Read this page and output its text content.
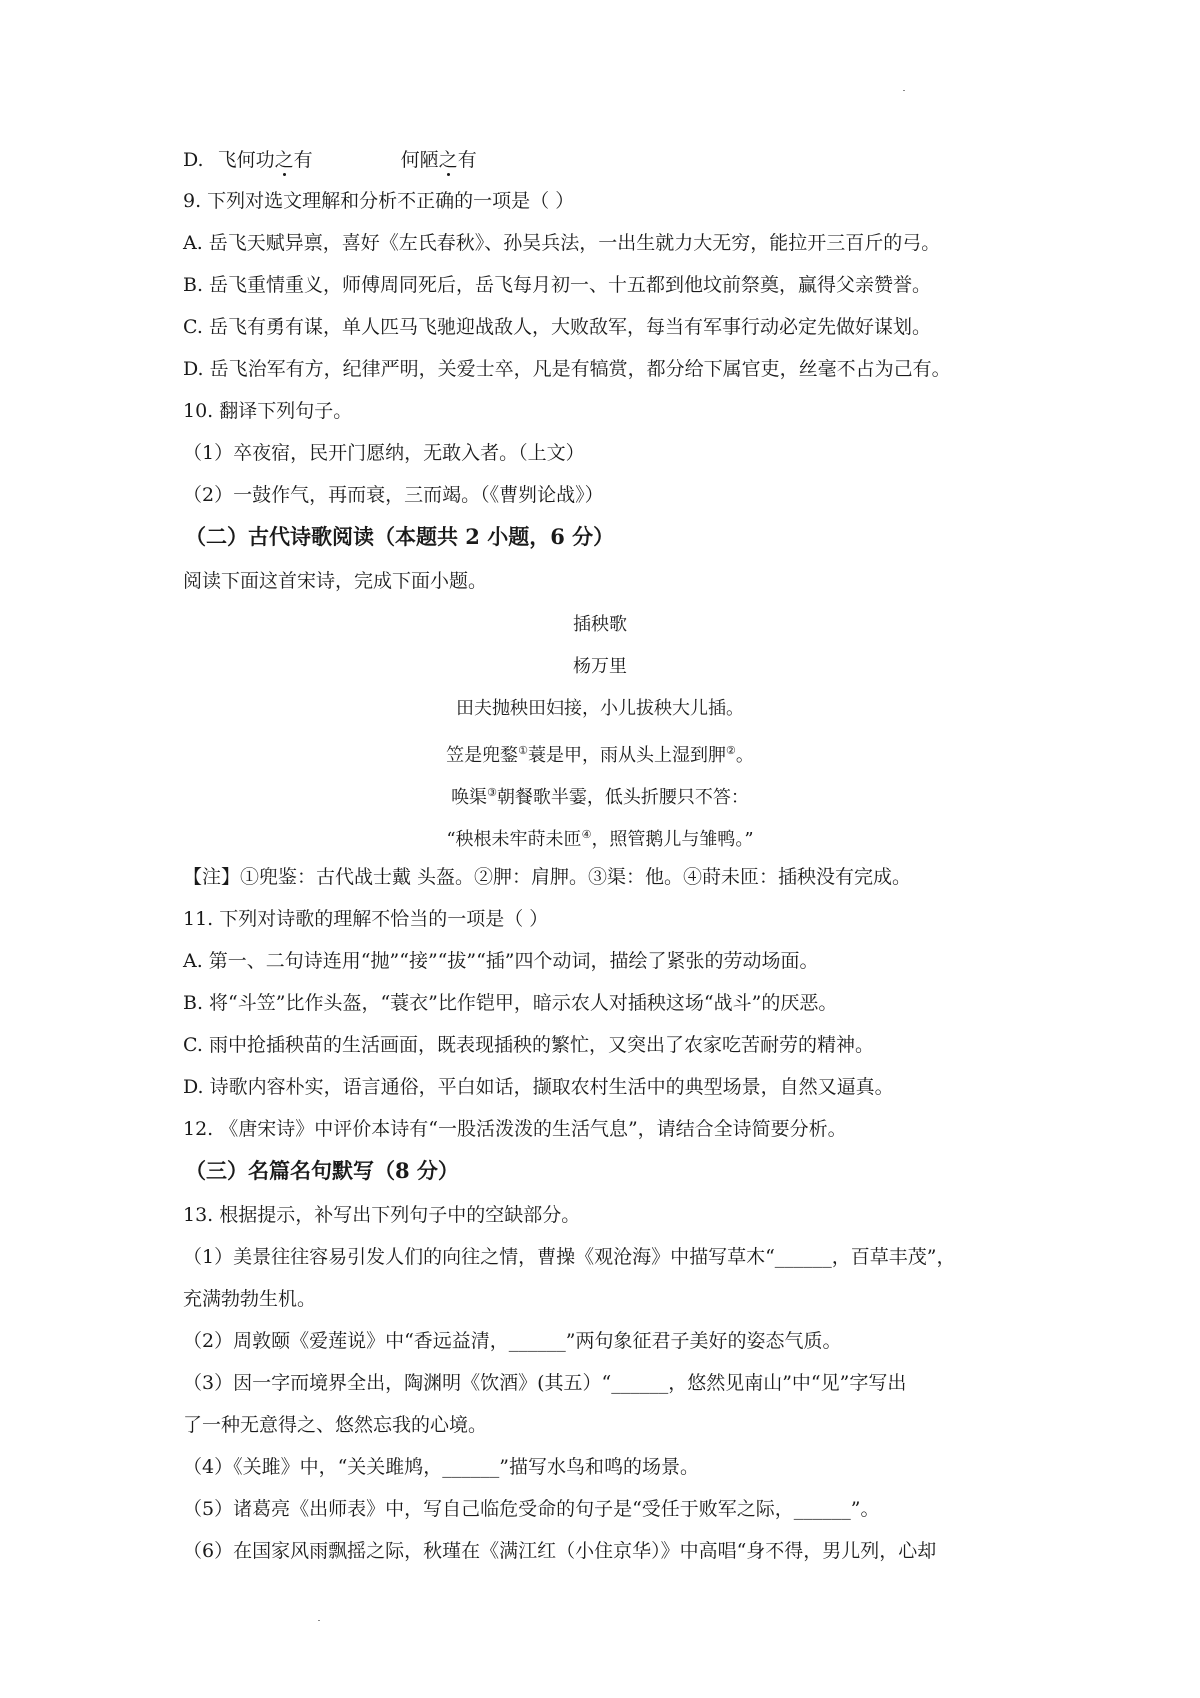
D. 飞何功之有	何陋之有
9. 下列对选文理解和分析不正确的一项是（ ）
A. 岳飞天赋异禀，喜好《左氏春秋》、孙吴兵法，一出生就力大无穷，能拉开三百斤的弓。
B. 岳飞重情重义，师傅周同死后，岳飞每月初一、十五都到他坟前祭奠，赢得父亲赞誉。
C. 岳飞有勇有谋，单人匹马飞驰迎战敌人，大败敌军，每当有军事行动必定先做好谋划。
D. 岳飞治军有方，纪律严明，关爱士卒，凡是有犒赏，都分给下属官吏，丝毫不占为己有。
10. 翻译下列句子。
（1）卒夜宿，民开门愿纳，无敢入者。（上文）
（2）一鼓作气，再而衰，三而竭。（《曹刿论战》）
（二）古代诗歌阅读（本题共 2 小题，6 分）
阅读下面这首宋诗，完成下面小题。
插秧歌
杨万里
田夫抛秧田妇接，小儿拔秧大儿插。
笠是兜鍪①蓑是甲，雨从头上湿到胛②。
唤渠③朝餐歌半霎，低头折腰只不答：
“秧根未牢莳未匝④，照管鹅儿与雏鸭。”
【注】①兜鉴：古代战士戴 头盔。②胛：肩胛。③渠：他。④莳未匝：插秧没有完成。
11. 下列对诗歌的理解不恰当的一项是（ ）
A. 第一、二句诗连用“抛”“接”“拔”“插”四个动词，描绘了紧张的劳动场面。
B. 将“斗笠”比作头盔，“蓑衣”比作铠甲，暗示农人对插秧这场“战斗”的厌恶。
C. 雨中抢插秧苗的生活画面，既表现插秧的繁忙，又突出了农家吃苦耐劳的精神。
D. 诗歌内容朴实，语言通俗，平白如话，撷取农村生活中的典型场景，自然又逼真。
12. 《唐宋诗》中评价本诗有“一股活泼泼的生活气息”，请结合全诗简要分析。
（三）名篇名句默写（8 分）
13. 根据提示，补写出下列句子中的空缺部分。
（1）美景往往容易引发人们的向往之情，曹操《观沧海》中描写草木“______，百草丰茂”，
充满勃勃生机。
（2）周敦颐《爱莲说》中“香远益清，______”两句象征君子美好的姿态气质。
（3）因一字而境界全出，陶渊明《饮酒》(其五）“______，悠然见南山”中“见”字写出
了一种无意得之、悠然忘我的心境。
（4）《关雎》中，“关关雎鸠，______”描写水鸟和鸣的场景。
（5）诸葛亮《出师表》中，写自己临危受命的句子是“受任于败军之际，______”。
（6）在国家风雨飘摇之际，秋瑾在《满江红（小住京华）》中高唱“身不得，男儿列，心却
